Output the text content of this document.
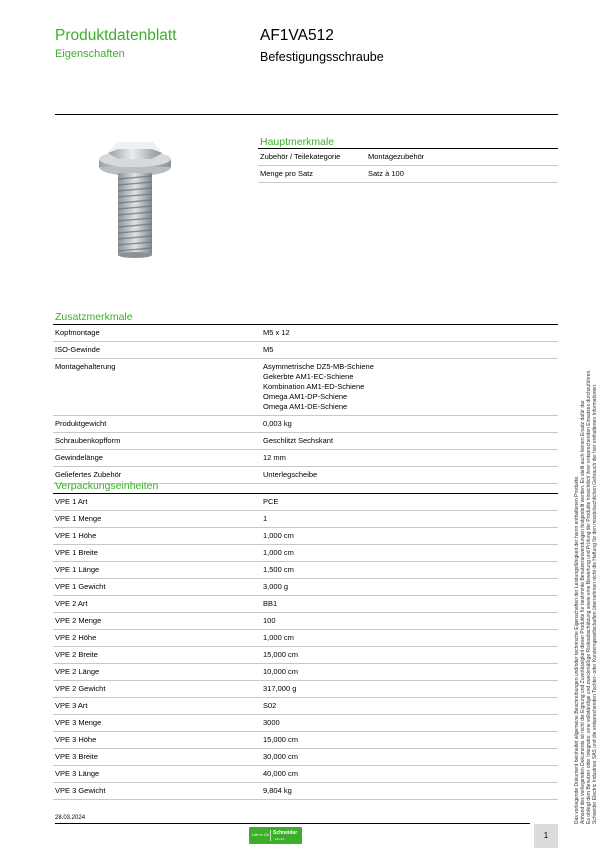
Produktdatenblatt
Eigenschaften
AF1VA512
Befestigungsschraube
Hauptmerkmale
Zubehör / Teilekategorie	Montagezubehör
Menge pro Satz	Satz à 100
Zusatzmerkmale
Kopfmontage	M5 x 12
ISO-Gewinde	M5
Montagehalterung	Asymmetrische DZ5-MB-Schiene
Gekerbte AM1-EC-Schiene
Kombination AM1-ED-Schiene
Omega AM1-DP-Schiene
Omega AM1-DE-Schiene
Produktgewicht	0,003 kg
Schraubenkopfform	Geschlitzt Sechskant
Gewindelänge	12 mm
Geliefertes Zubehör	Unterlegscheibe
Verpackungseinheiten
VPE 1 Art	PCE
VPE 1 Menge	1
VPE 1 Höhe	1,000 cm
VPE 1 Breite	1,000 cm
VPE 1 Länge	1,500 cm
VPE 1 Gewicht	3,000 g
VPE 2 Art	BB1
VPE 2 Menge	100
VPE 2 Höhe	1,000 cm
VPE 2 Breite	15,000 cm
VPE 2 Länge	10,000 cm
VPE 2 Gewicht	317,000 g
VPE 3 Art	S02
VPE 3 Menge	3000
VPE 3 Höhe	15,000 cm
VPE 3 Breite	30,000 cm
VPE 3 Länge	40,000 cm
VPE 3 Gewicht	9,804 kg	Das vorliegende Dokument beinhaltet allgemeine Beschreibungen und/oder technische Eigenschaften der Leistungsfähigkeit der hierin enthaltenen Produkte. Anhand des vorliegenden Dokuments ist nicht die Eignung und Zuverlässigkeit dieser Produkte für bestimmte Benutzeranwendungen festgestellt werden. Es stellt auch keinen Ersatz dafür dar. Es obliegt dem Benutzer oder Integrator, eine vollständige und zweckmäßige Risikoabschätzung sowie eine Bewertung und Prüfung der Produkte hinsichtlich ihrer entsprechenden Einsatzes durchzuführen. Schneider Electric Industries SAS und die entsprechenden Tochter- oder Konzerngesellschaften übernehmen nicht die Haftung für den missbräuchlichen Gebrauch der hier enthaltenen Informationen.
28.03.2024
Life Is On Schneider
Electric	1
